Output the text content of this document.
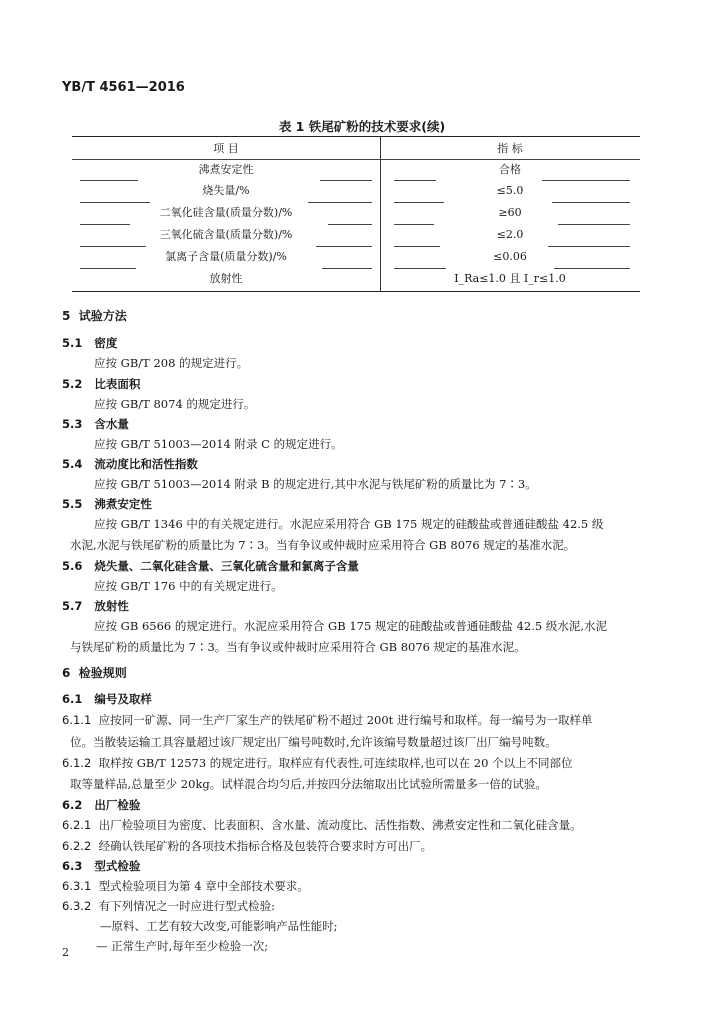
YB/T 4561—2016
表 1 铁尾矿粉的技术要求(续)
项 目	指 标
沸煮安定性	合格
烧失量/%	≤5.0
二氧化硅含量(质量分数)/%	≥60
三氧化硫含量(质量分数)/%	≤2.0
氯离子含量(质量分数)/%	≤0.06
放射性	I_Ra≤1.0 且 I_r≤1.0
5 试验方法
5.1 密度
应按 GB/T 208 的规定进行。
5.2 比表面积
应按 GB/T 8074 的规定进行。
5.3 含水量
应按 GB/T 51003—2014 附录 C 的规定进行。
5.4 流动度比和活性指数
应按 GB/T 51003—2014 附录 B 的规定进行,其中水泥与铁尾矿粉的质量比为 7∶3。
5.5 沸煮安定性
应按 GB/T 1346 中的有关规定进行。水泥应采用符合 GB 175 规定的硅酸盐或普通硅酸盐 42.5 级
水泥,水泥与铁尾矿粉的质量比为 7∶3。当有争议或仲裁时应采用符合 GB 8076 规定的基准水泥。
5.6 烧失量、二氧化硅含量、三氧化硫含量和氯离子含量
应按 GB/T 176 中的有关规定进行。
5.7 放射性
应按 GB 6566 的规定进行。水泥应采用符合 GB 175 规定的硅酸盐或普通硅酸盐 42.5 级水泥,水泥
与铁尾矿粉的质量比为 7∶3。当有争议或仲裁时应采用符合 GB 8076 规定的基准水泥。
6 检验规则
6.1 编号及取样
6.1.1 应按同一矿源、同一生产厂家生产的铁尾矿粉不超过 200t 进行编号和取样。每一编号为一取样单
位。当散装运输工具容量超过该厂规定出厂编号吨数时,允许该编号数量超过该厂出厂编号吨数。
6.1.2 取样按 GB/T 12573 的规定进行。取样应有代表性,可连续取样,也可以在 20 个以上不同部位
取等量样品,总量至少 20kg。试样混合均匀后,并按四分法缩取出比试验所需量多一倍的试验。
6.2 出厂检验
6.2.1 出厂检验项目为密度、比表面积、含水量、流动度比、活性指数、沸煮安定性和二氧化硅含量。
6.2.2 经确认铁尾矿粉的各项技术指标合格及包装符合要求时方可出厂。
6.3 型式检验
6.3.1 型式检验项目为第 4 章中全部技术要求。
6.3.2 有下列情况之一时应进行型式检验:
—原料、工艺有较大改变,可能影响产品性能时;
— 正常生产时,每年至少检验一次;
2
